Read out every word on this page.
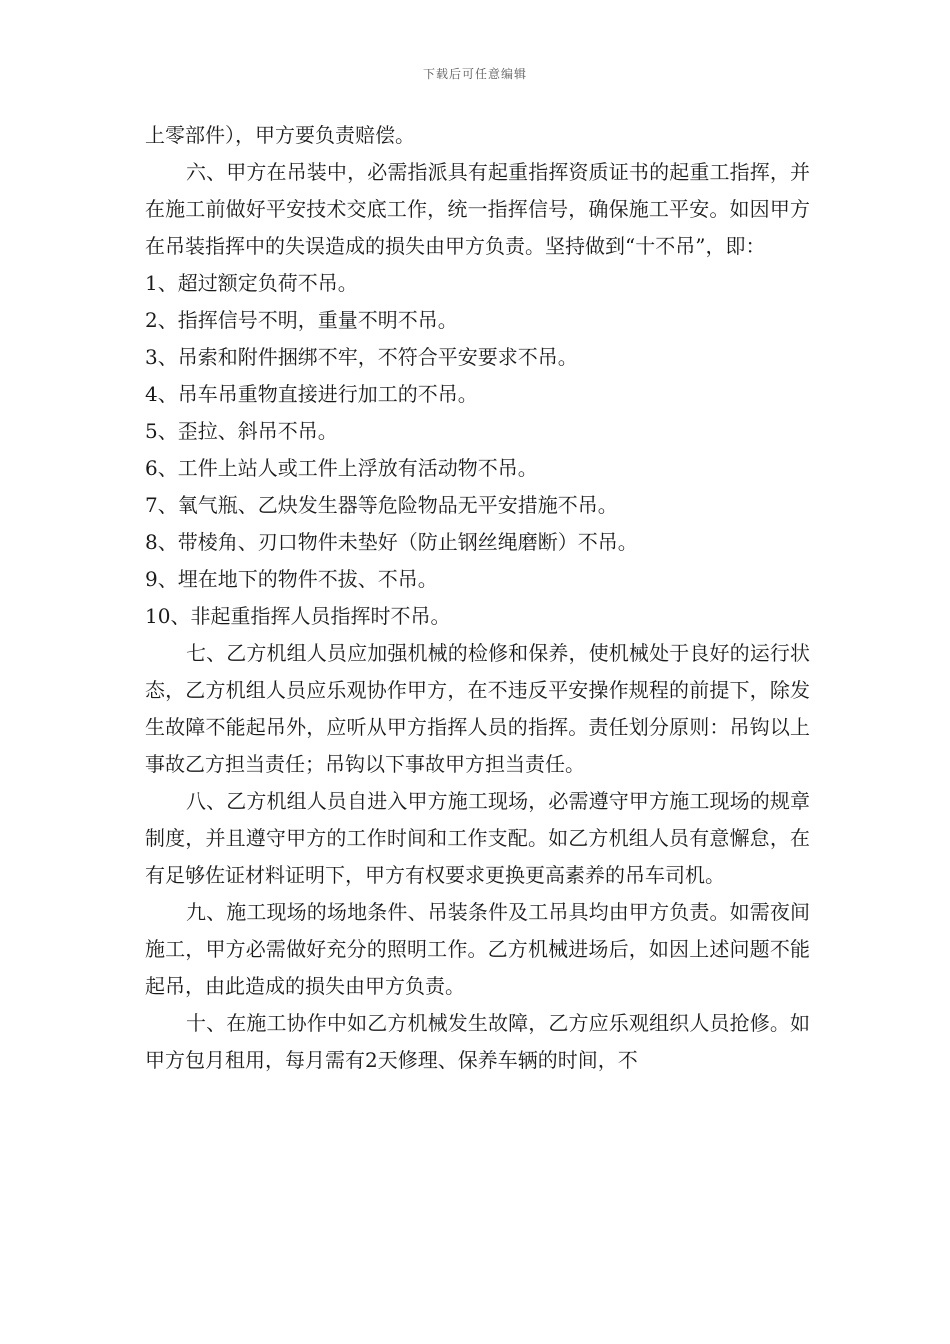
下载后可任意编辑

上零部件），甲方要负责赔偿。

六、甲方在吊装中，必需指派具有起重指挥资质证书的起重工指挥，并在施工前做好平安技术交底工作，统一指挥信号，确保施工平安。如因甲方在吊装指挥中的失误造成的损失由甲方负责。坚持做到“十不吊”，即：

1、超过额定负荷不吊。

2、指挥信号不明，重量不明不吊。

3、吊索和附件捆绑不牢，不符合平安要求不吊。

4、吊车吊重物直接进行加工的不吊。

5、歪拉、斜吊不吊。

6、工件上站人或工件上浮放有活动物不吊。

7、氧气瓶、乙炔发生器等危险物品无平安措施不吊。

8、带棱角、刃口物件未垫好（防止钢丝绳磨断）不吊。

9、埋在地下的物件不拔、不吊。

10、非起重指挥人员指挥时不吊。

七、乙方机组人员应加强机械的检修和保养，使机械处于良好的运行状态，乙方机组人员应乐观协作甲方，在不违反平安操作规程的前提下，除发生故障不能起吊外，应听从甲方指挥人员的指挥。责任划分原则：吊钩以上事故乙方担当责任；吊钩以下事故甲方担当责任。

八、乙方机组人员自进入甲方施工现场，必需遵守甲方施工现场的规章制度，并且遵守甲方的工作时间和工作支配。如乙方机组人员有意懈怠，在有足够佐证材料证明下，甲方有权要求更换更高素养的吊车司机。

九、施工现场的场地条件、吊装条件及工吊具均由甲方负责。如需夜间施工，甲方必需做好充分的照明工作。乙方机械进场后，如因上述问题不能起吊，由此造成的损失由甲方负责。

十、在施工协作中如乙方机械发生故障，乙方应乐观组织人员抢修。如甲方包月租用，每月需有2天修理、保养车辆的时间，不
